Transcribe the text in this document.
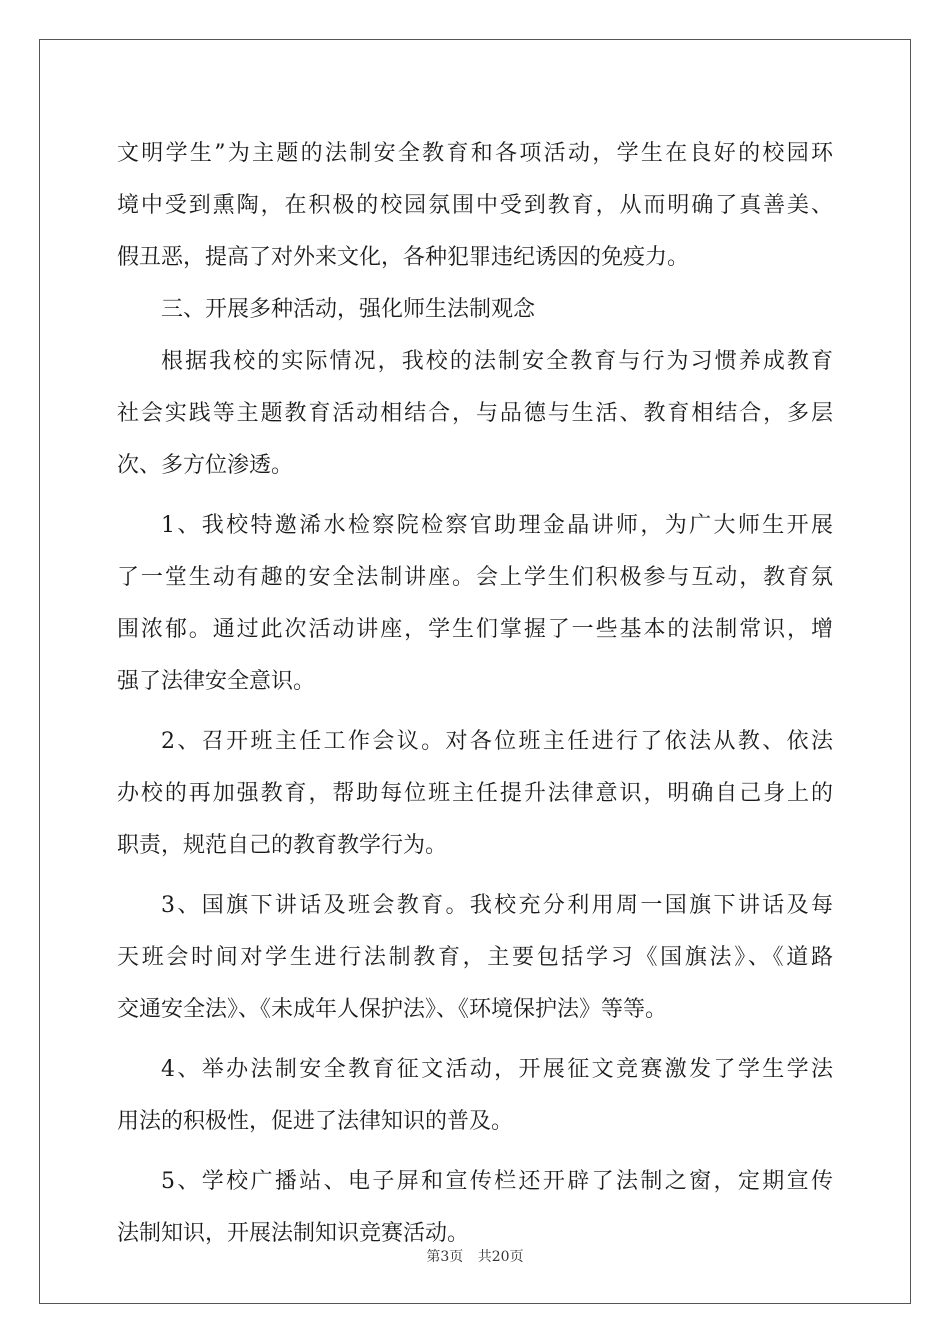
文明学生”为主题的法制安全教育和各项活动，学生在良好的校园环
境中受到熏陶，在积极的校园氛围中受到教育，从而明确了真善美、
假丑恶，提高了对外来文化，各种犯罪违纪诱因的免疫力。
三、开展多种活动，强化师生法制观念
根据我校的实际情况，我校的法制安全教育与行为习惯养成教育
社会实践等主题教育活动相结合，与品德与生活、教育相结合，多层
次、多方位渗透。
1、我校特邀浠水检察院检察官助理金晶讲师，为广大师生开展
了一堂生动有趣的安全法制讲座。会上学生们积极参与互动，教育氛
围浓郁。通过此次活动讲座，学生们掌握了一些基本的法制常识，增
强了法律安全意识。
2、召开班主任工作会议。对各位班主任进行了依法从教、依法
办校的再加强教育，帮助每位班主任提升法律意识，明确自己身上的
职责，规范自己的教育教学行为。
3、国旗下讲话及班会教育。我校充分利用周一国旗下讲话及每
天班会时间对学生进行法制教育，主要包括学习《国旗法》、《道路
交通安全法》、《未成年人保护法》、《环境保护法》等等。
4、举办法制安全教育征文活动，开展征文竞赛激发了学生学法
用法的积极性，促进了法律知识的普及。
5、学校广播站、电子屏和宣传栏还开辟了法制之窗，定期宣传
法制知识，开展法制知识竞赛活动。
第3页 共20页
